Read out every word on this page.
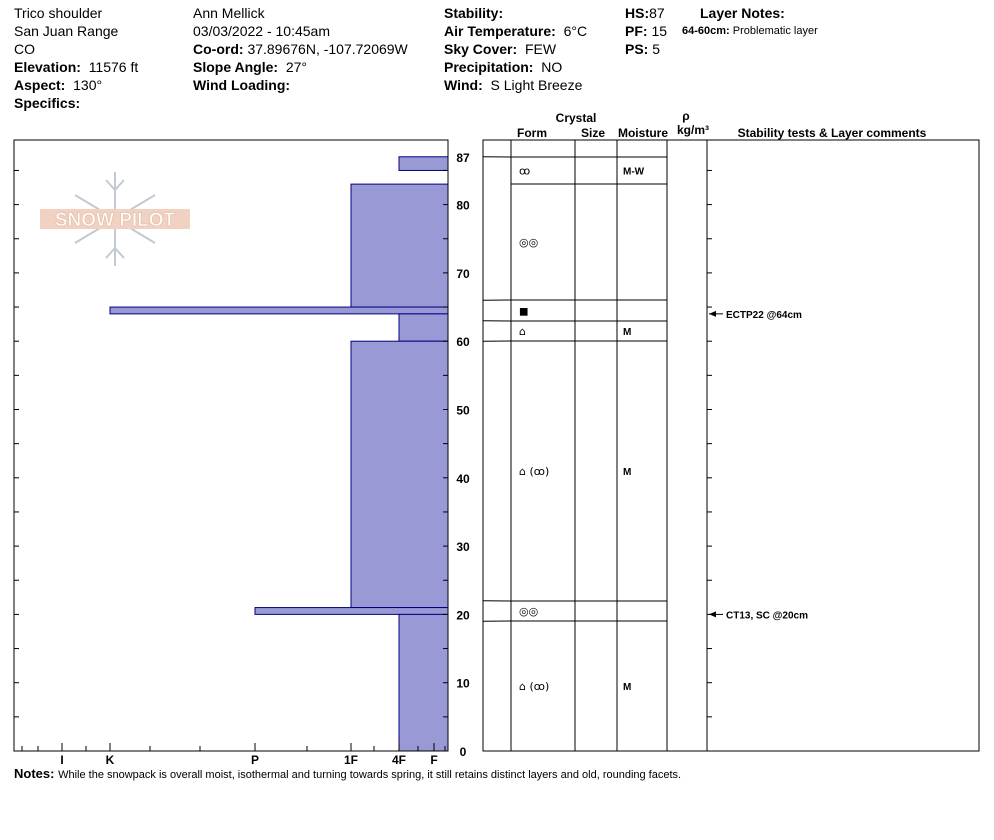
Trico shoulder
San Juan Range
CO
Elevation: 11576 ft
Aspect: 130°
Specifics:
Ann Mellick
03/03/2022 - 10:45am
Co-ord: 37.89676N, -107.72069W
Slope Angle: 27°
Wind Loading:
Stability:
Air Temperature: 6°C
Sky Cover: FEW
Precipitation: NO
Wind: S Light Breeze
HS:87
PF: 15
PS: 5
Layer Notes:
64-60cm: Problematic layer
SNOW PILOT
I	K	P	1F	4F F
0
10
20
30
40
50
60
70
80
87
Crystal
Form	Size Moisture
ρ
kg/m³ Stability tests & Layer comments
ꝏ	M-W
◎◎
■
⌂	M
⌂ (ꝏ)	M
◎◎
⌂ (ꝏ)	M
ECTP22 @64cm
CT13, SC @20cm
Notes: While the snowpack is overall moist, isothermal and turning towards spring, it still retains distinct layers and old, rounding facets.
